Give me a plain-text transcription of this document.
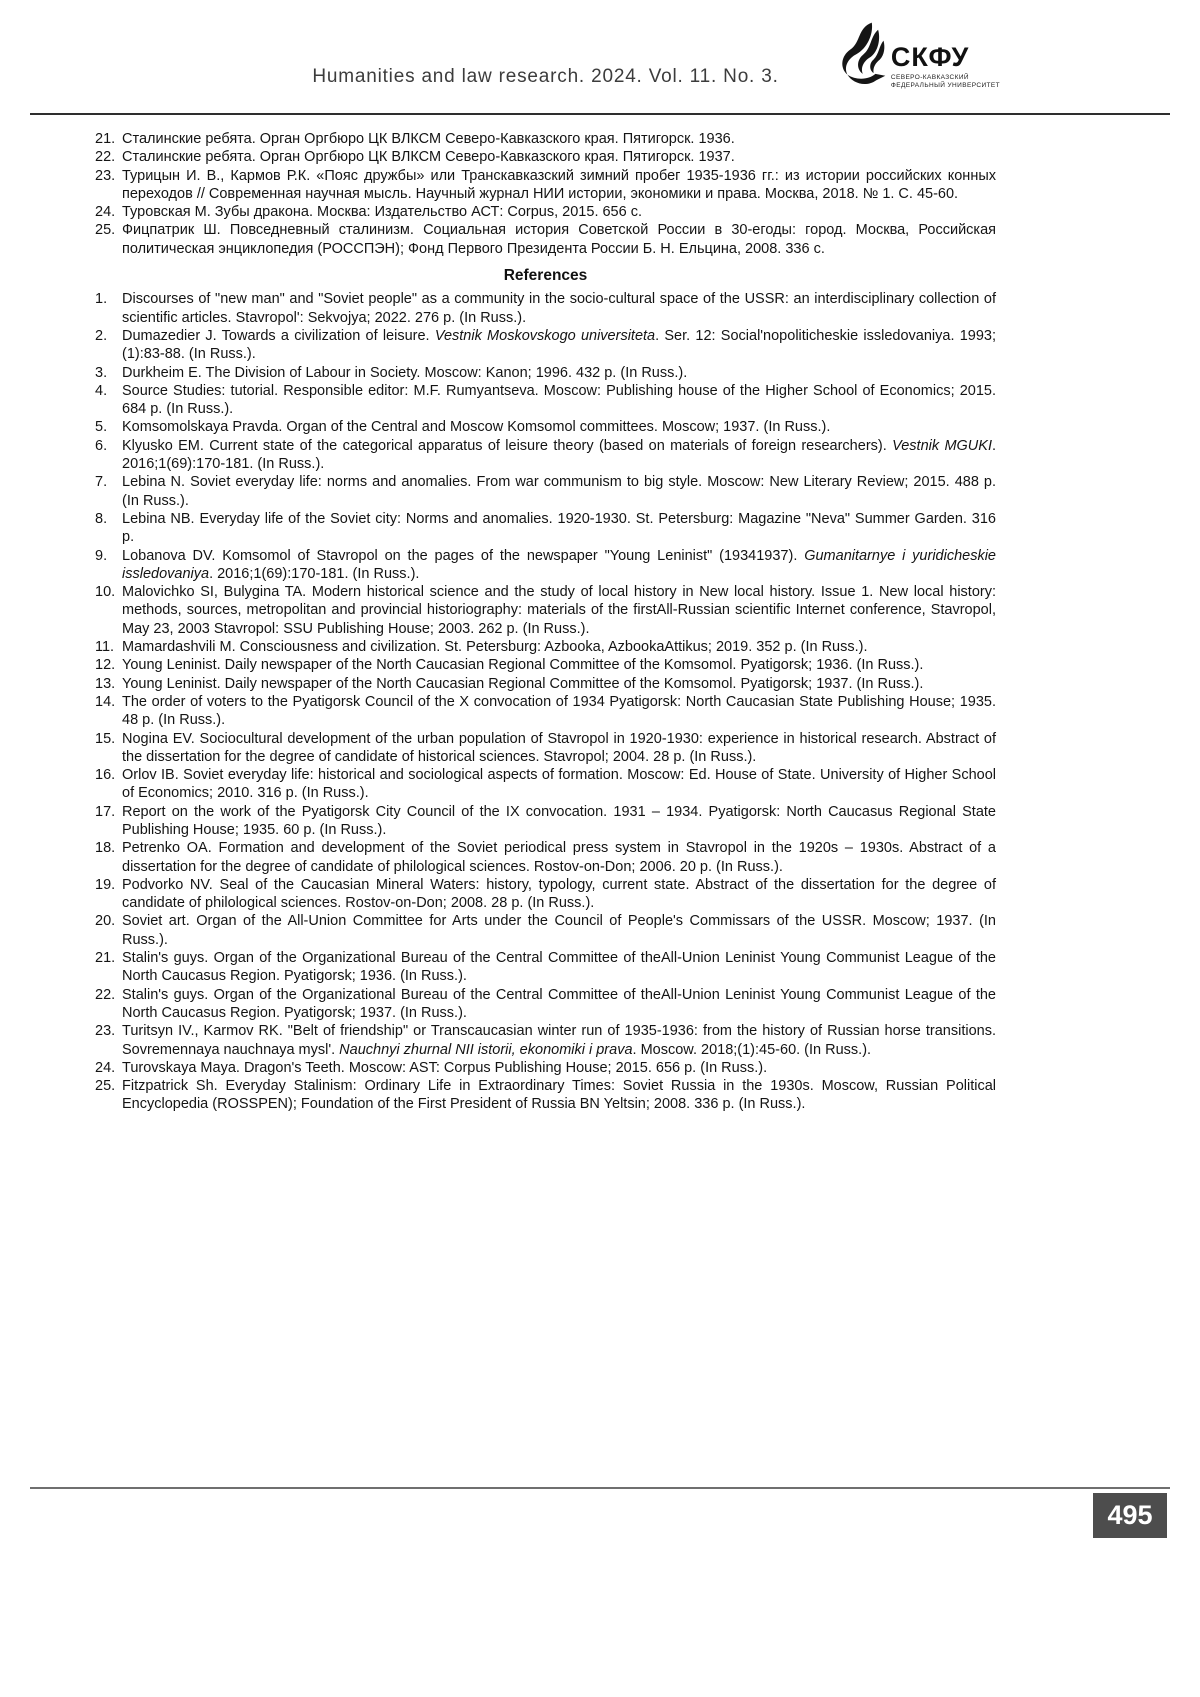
Humanities and law research. 2024. Vol. 11. No. 3.
СКФУ
СЕВЕРО-КАВКАЗСКИЙ
ФЕДЕРАЛЬНЫЙ УНИВЕРСИТЕТ
21. Сталинские ребята. Орган Оргбюро ЦК ВЛКСМ Северо-Кавказского края. Пятигорск. 1936.
22. Сталинские ребята. Орган Оргбюро ЦК ВЛКСМ Северо-Кавказского края. Пятигорск. 1937.
23. Турицын И. В., Кармов Р.К. «Пояс дружбы» или Транскавказский зимний пробег 1935-1936 гг.: из истории российских конных переходов // Современная научная мысль. Научный журнал НИИ истории, экономики и права. Москва, 2018. № 1. С. 45-60.
24. Туровская М. Зубы дракона. Москва: Издательство АСТ: Corpus, 2015. 656 с.
25. Фицпатрик Ш. Повседневный сталинизм. Социальная история Советской России в 30-егоды: город. Москва, Российская политическая энциклопедия (РОССПЭН); Фонд Первого Президента России Б. Н. Ельцина, 2008. 336 с.
References
1.	Discourses of "new man" and "Soviet people" as a community in the socio-cultural space of the USSR: an interdisciplinary collection of scientific articles. Stavropol': Sekvojya; 2022. 276 p. (In Russ.).
2.	Dumazedier J. Towards a civilization of leisure. Vestnik Moskovskogo universiteta. Ser. 12: Social'nopoliticheskie issledovaniya. 1993;(1):83-88. (In Russ.).
3.	Durkheim E. The Division of Labour in Society. Moscow: Kanon; 1996. 432 p. (In Russ.).
4.	Source Studies: tutorial. Responsible editor: M.F. Rumyantseva. Moscow: Publishing house of the Higher School of Economics; 2015. 684 p. (In Russ.).
5.	Komsomolskaya Pravda. Organ of the Central and Moscow Komsomol committees. Moscow; 1937. (In Russ.).
6.	Klyusko EM. Current state of the categorical apparatus of leisure theory (based on materials of foreign researchers). Vestnik MGUKI. 2016;1(69):170-181. (In Russ.).
7.	Lebina N. Soviet everyday life: norms and anomalies. From war communism to big style. Moscow: New Literary Review; 2015. 488 p. (In Russ.).
8.	Lebina NB. Everyday life of the Soviet city: Norms and anomalies. 1920-1930. St. Petersburg: Magazine "Neva" Summer Garden. 316 p.
9.	Lobanova DV. Komsomol of Stavropol on the pages of the newspaper "Young Leninist" (19341937). Gumanitarnye i yuridicheskie issledovaniya. 2016;1(69):170-181. (In Russ.).
10. Malovichko SI, Bulygina TA. Modern historical science and the study of local history in New local history. Issue 1. New local history: methods, sources, metropolitan and provincial historiography: materials of the firstAll-Russian scientific Internet conference, Stavropol, May 23, 2003 Stavropol: SSU Publishing House; 2003. 262 p. (In Russ.).
11. Mamardashvili M. Consciousness and civilization. St. Petersburg: Azbooka, AzbookaAttikus; 2019. 352 p. (In Russ.).
12. Young Leninist. Daily newspaper of the North Caucasian Regional Committee of the Komsomol. Pyatigorsk; 1936. (In Russ.).
13. Young Leninist. Daily newspaper of the North Caucasian Regional Committee of the Komsomol. Pyatigorsk; 1937. (In Russ.).
14. The order of voters to the Pyatigorsk Council of the X convocation of 1934 Pyatigorsk: North Caucasian State Publishing House; 1935. 48 p. (In Russ.).
15. Nogina EV. Sociocultural development of the urban population of Stavropol in 1920-1930: experience in historical research. Abstract of the dissertation for the degree of candidate of historical sciences. Stavropol; 2004. 28 p. (In Russ.).
16. Orlov IB. Soviet everyday life: historical and sociological aspects of formation. Moscow: Ed. House of State. University of Higher School of Economics; 2010. 316 p. (In Russ.).
17. Report on the work of the Pyatigorsk City Council of the IX convocation. 1931 – 1934. Pyatigorsk: North Caucasus Regional State Publishing House; 1935. 60 p. (In Russ.).
18. Petrenko OA. Formation and development of the Soviet periodical press system in Stavropol in the 1920s – 1930s. Abstract of a dissertation for the degree of candidate of philological sciences. Rostov-on-Don; 2006. 20 p. (In Russ.).
19. Podvorko NV. Seal of the Caucasian Mineral Waters: history, typology, current state. Abstract of the dissertation for the degree of candidate of philological sciences. Rostov-on-Don; 2008. 28 p. (In Russ.).
20. Soviet art. Organ of the All-Union Committee for Arts under the Council of People's Commissars of the USSR. Moscow; 1937. (In Russ.).
21. Stalin's guys. Organ of the Organizational Bureau of the Central Committee of theAll-Union Leninist Young Communist League of the North Caucasus Region. Pyatigorsk; 1936. (In Russ.).
22. Stalin's guys. Organ of the Organizational Bureau of the Central Committee of theAll-Union Leninist Young Communist League of the North Caucasus Region. Pyatigorsk; 1937. (In Russ.).
23. Turitsyn IV., Karmov RK. "Belt of friendship" or Transcaucasian winter run of 1935-1936: from the history of Russian horse transitions. Sovremennaya nauchnaya mysl'. Nauchnyi zhurnal NII istorii, ekonomiki i prava. Moscow. 2018;(1):45-60. (In Russ.).
24. Turovskaya Maya. Dragon's Teeth. Moscow: AST: Corpus Publishing House; 2015. 656 p. (In Russ.).
25. Fitzpatrick Sh. Everyday Stalinism: Ordinary Life in Extraordinary Times: Soviet Russia in the 1930s. Moscow, Russian Political Encyclopedia (ROSSPEN); Foundation of the First President of Russia BN Yeltsin; 2008. 336 p. (In Russ.).
495
